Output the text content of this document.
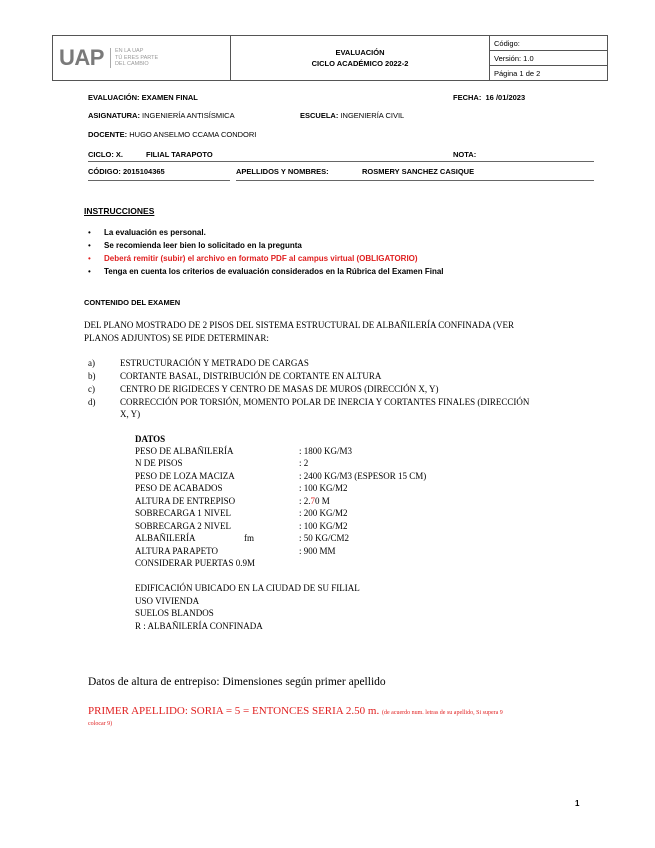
UAP EN LA UAP
TÚ ERES PARTE
DEL CAMBIO
EVALUACIÓN
CICLO ACADÉMICO 2022-2
Código:
Versión: 1.0
Página 1 de 2
EVALUACIÓN: EXAMEN FINAL	FECHA: 16 /01/2023
ASIGNATURA: INGENIERÍA ANTISÍSMICA	ESCUELA: INGENIERÍA CIVIL
DOCENTE: HUGO ANSELMO CCAMA CONDORI
CICLO: X.	FILIAL TARAPOTO	NOTA:
CÓDIGO: 2015104365	APELLIDOS Y NOMBRES:	ROSMERY SANCHEZ CASIQUE
INSTRUCCIONES
• La evaluación es personal.
• Se recomienda leer bien lo solicitado en la pregunta
• Deberá remitir (subir) el archivo en formato PDF al campus virtual (OBLIGATORIO)
• Tenga en cuenta los criterios de evaluación considerados en la Rúbrica del Examen Final
CONTENIDO DEL EXAMEN
DEL PLANO MOSTRADO DE 2 PISOS DEL SISTEMA ESTRUCTURAL DE ALBAÑILERÍA CONFINADA (VER
PLANOS ADJUNTOS) SE PIDE DETERMINAR:
a)	ESTRUCTURACIÓN Y METRADO DE CARGAS
b)	CORTANTE BASAL, DISTRIBUCIÓN DE CORTANTE EN ALTURA
c)	CENTRO DE RIGIDECES Y CENTRO DE MASAS DE MUROS (DIRECCIÓN X, Y)
d)	CORRECCIÓN POR TORSIÓN, MOMENTO POLAR DE INERCIA Y CORTANTES FINALES (DIRECCIÓN
X, Y)
DATOS
PESO DE ALBAÑILERÍA	: 1800 KG/M3
N DE PISOS	: 2
PESO DE LOZA MACIZA	: 2400 KG/M3 (ESPESOR 15 CM)
PESO DE ACABADOS	: 100 KG/M2
ALTURA DE ENTREPISO	: 2.70 M
SOBRECARGA 1 NIVEL	: 200 KG/M2
SOBRECARGA 2 NIVEL	: 100 KG/M2
ALBAÑILERÍA	fm	: 50 KG/CM2
ALTURA PARAPETO	: 900 MM
CONSIDERAR PUERTAS 0.9M
EDIFICACIÓN UBICADO EN LA CIUDAD DE SU FILIAL
USO VIVIENDA
SUELOS BLANDOS
R : ALBAÑILERÍA CONFINADA
Datos de altura de entrepiso: Dimensiones según primer apellido
PRIMER APELLIDO: SORIA = 5 = ENTONCES SERIA 2.50 m. (de acuerdo num. letras de su apellido, Si supera 9
colocar 9)
1
